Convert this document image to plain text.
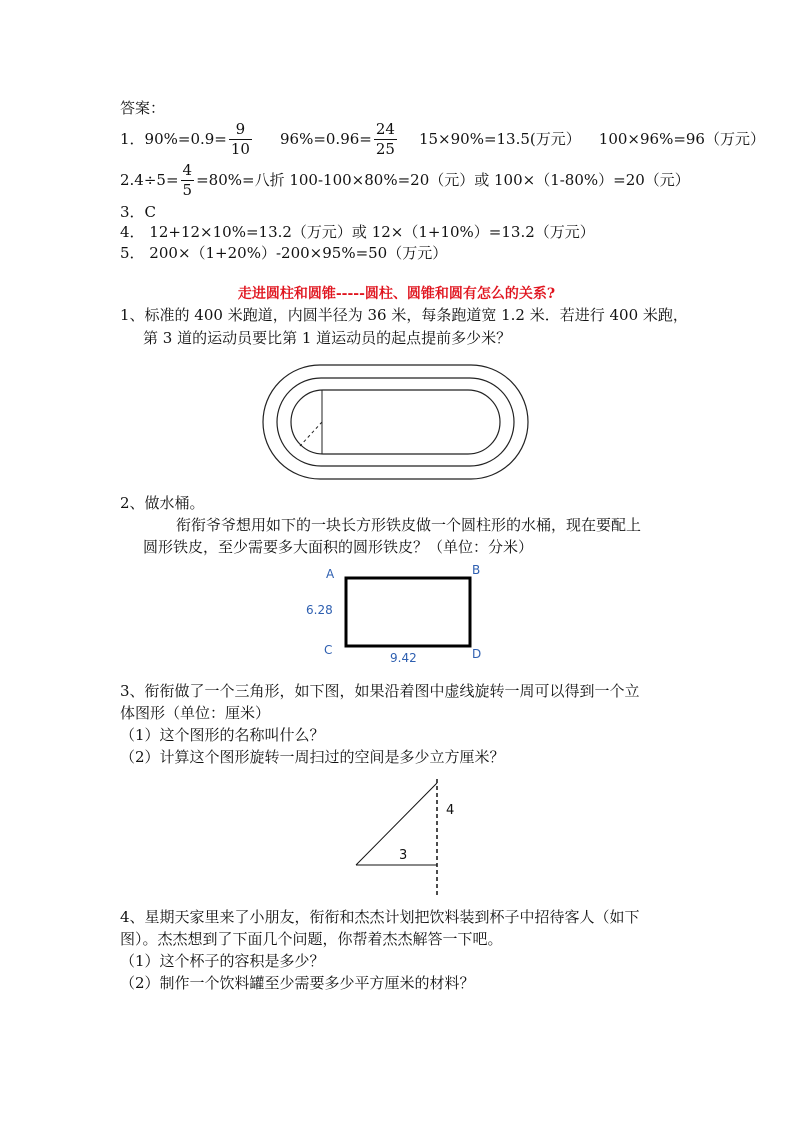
答案：
1．$90\%=0.9= \frac{9}{10} 96\%=0.96= \frac{24}{25} 15\times 90\%=13.5$(万元） 100×96%=96（万元）
$2.4\div 5= \frac{4}{5} =80\%=$八折 100-100×80%=20（元）或 100×（1-80%）=20（元）
3．C
4． 12+12×10%=13.2（万元）或 12×（1+10%）=13.2（万元）
5． 200×（1+20%）-200×95%=50（万元）
走进圆柱和圆锥-----圆柱、圆锥和圆有怎么的关系?
1、标准的 400 米跑道，内圆半径为 36 米，每条跑道宽 1.2 米．若进行 400 米跑，
第 3 道的运动员要比第 1 道运动员的起点提前多少米？
2、做水桶。
衔衔爷爷想用如下的一块长方形铁皮做一个圆柱形的水桶，现在要配上
圆形铁皮，至少需要多大面积的圆形铁皮？（单位：分米）
A	B
C	D
6.28
9.42
3、衔衔做了一个三角形，如下图，如果沿着图中虚线旋转一周可以得到一个立
体图形（单位：厘米）
（1）这个图形的名称叫什么？
（2）计算这个图形旋转一周扫过的空间是多少立方厘米？
3
4
4、星期天家里来了小朋友，衔衔和杰杰计划把饮料装到杯子中招待客人（如下
图）。杰杰想到了下面几个问题，你帮着杰杰解答一下吧。
（1）这个杯子的容积是多少？
（2）制作一个饮料罐至少需要多少平方厘米的材料？
